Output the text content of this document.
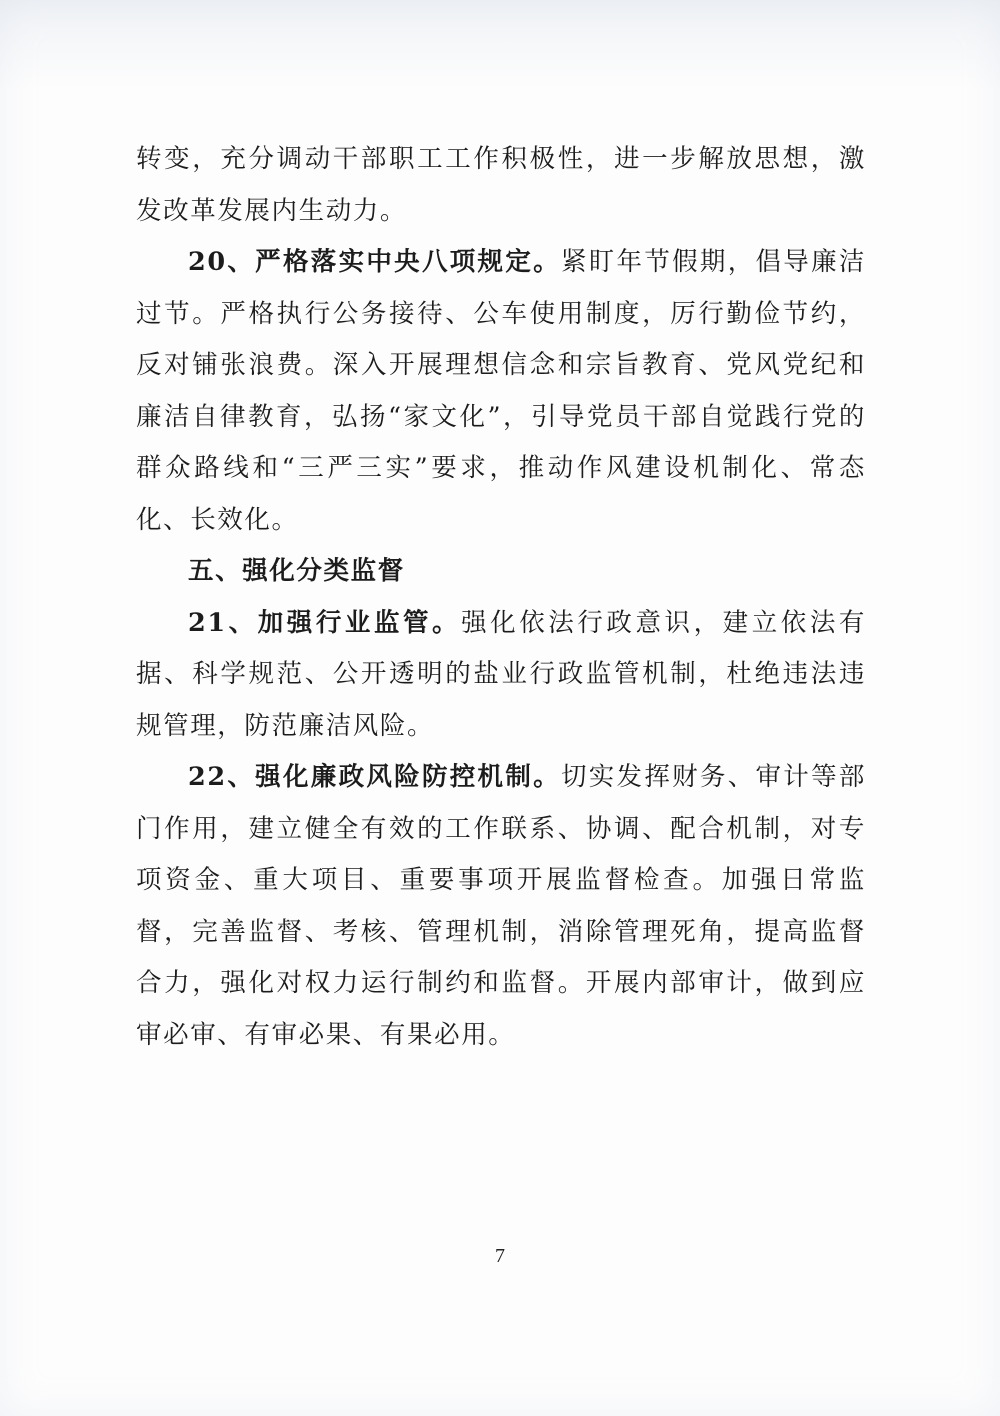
转变，充分调动干部职工工作积极性，进一步解放思想，激发改革发展内生动力。

20、严格落实中央八项规定。紧盯年节假期，倡导廉洁过节。严格执行公务接待、公车使用制度，厉行勤俭节约，反对铺张浪费。深入开展理想信念和宗旨教育、党风党纪和廉洁自律教育，弘扬“家文化”，引导党员干部自觉践行党的群众路线和“三严三实”要求，推动作风建设机制化、常态化、长效化。

五、强化分类监督

21、加强行业监管。强化依法行政意识，建立依法有据、科学规范、公开透明的盐业行政监管机制，杜绝违法违规管理，防范廉洁风险。

22、强化廉政风险防控机制。切实发挥财务、审计等部门作用，建立健全有效的工作联系、协调、配合机制，对专项资金、重大项目、重要事项开展监督检查。加强日常监督，完善监督、考核、管理机制，消除管理死角，提高监督合力，强化对权力运行制约和监督。开展内部审计，做到应审必审、有审必果、有果必用。

7
